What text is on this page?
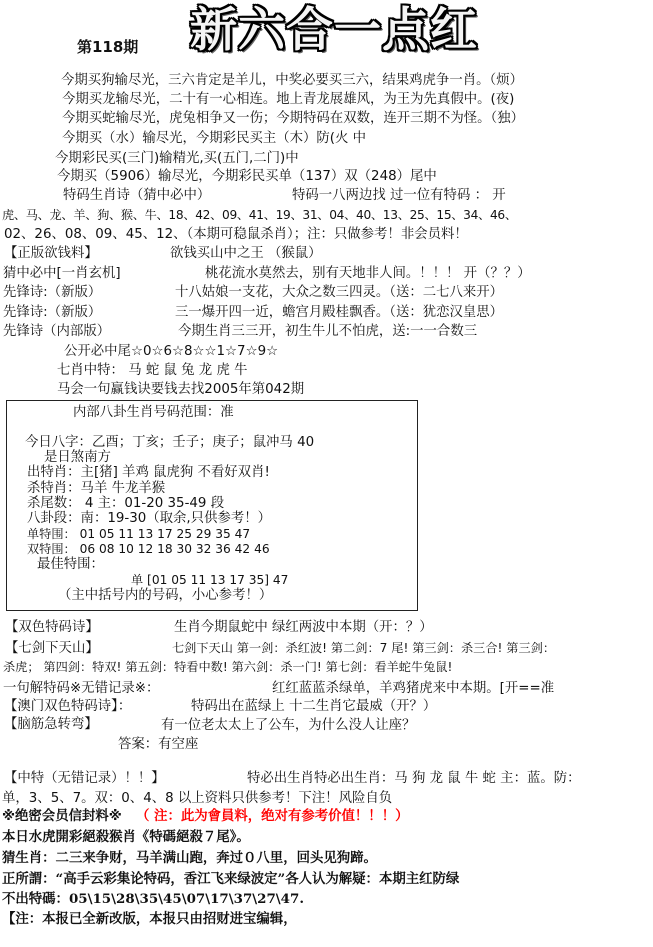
新六合一点红
第118期
今期买狗输尽光，三六肯定是羊儿，中奖必要买三六，结果鸡虎争一肖。（烦）
今期买龙输尽光，二十有一心相连。地上青龙展雄风，为王为先真假中。(夜)
今期买蛇输尽光，虎兔相争又一伤；今期特码在双数，连开三期不为怪。（独）
今期买（水）输尽光，今期彩民买主（木）防(火 中
今期彩民买(三门)输精光,买(五门,二门)中
今期买（5906）输尽光，今期彩民买单（137）双（248）尾中
特码生肖诗（猜中必中）	特码一八两边找 过一位有特码 ： 开
虎、马、龙、羊、狗、猴、牛、18、42、09、41、19、31、04、40、13、25、15、34、46、
02、26、08、09、45、12、（本期可稳鼠杀肖）；注：只做参考！非会员料！
【正版欲钱料】	欲钱买山中之王 （猴鼠）
猜中必中[一肖玄机]	桃花流水莫然去，别有天地非人间。！！！ 开（？？）
先锋诗:（新版）	十八姑娘一支花，大众之数三四灵。（送：二七八来开）
先锋诗:（新版）	三一爆开四一近，蟾宫月殿桂飘香。（送：犹恋汉皇思）
先锋诗（内部版）	今期生肖三三开，初生牛儿不怕虎，送:一一合数三
公开必中尾☆0☆6☆8☆☆1☆7☆9☆
七肖中特： 马 蛇 鼠 兔 龙 虎 牛
马会一句赢钱诀要钱去找2005年第042期
内部八卦生肖号码范围：准
今日八字：乙酉；丁亥；壬子；庚子；鼠冲马 40
是日煞南方
出特肖：主[猪] 羊鸡 鼠虎狗 不看好双肖!
杀特肖：马羊 牛龙羊猴
杀尾数： 4 主：01-20 35-49 段
八卦段：南：19-30（取余,只供参考！）
单特围： 01 05 11 13 17 25 29 35 47
双特围： 06 08 10 12 18 30 32 36 42 46
最佳特围：
单 [01 05 11 13 17 35] 47
（主中括号内的号码，小心参考！）
【双色特码诗】	生肖今期鼠蛇中 绿红两波中本期（开：？）
【七剑下天山】	七剑下天山 第一剑：杀红波! 第二剑：7 尾! 第三剑：杀三合! 第三剑：
杀虎； 第四剑：特双! 第五剑：特看中数! 第六剑：杀一门! 第七剑：看羊蛇牛兔鼠!
一句解特码※无错记录※：	红红蓝蓝杀绿单，羊鸡猪虎来中本期。[开==准
【澳门双色特码诗】：	特码出在蓝绿上 十二生肖它最威（开？）
【脑筋急转弯】	有一位老太太上了公车，为什么没人让座？
答案：有空座
【中特（无错记录）！！】	特必出生肖特必出生肖：马 狗 龙 鼠 牛 蛇 主：蓝。防：
单，3、5、7。双：0、4、8 以上资料只供参考！下注！风险自负
※绝密会员信封料※ （ 注：此为會員料，绝对有参考价值！！！）
本日水虎開彩絕殺猴肖《特碼絕殺７尾》。
猜生肖：二三来争财，马羊满山跑，奔过０八里，回头见狗蹄。
正所謂：“高手云彩集论特码，香江飞来绿波定”各人认为解疑：本期主红防绿
不出特碼：05\15\28\35\45\07\17\37\27\47.
【注：本报已全新改版，本报只由招财进宝编辑，
